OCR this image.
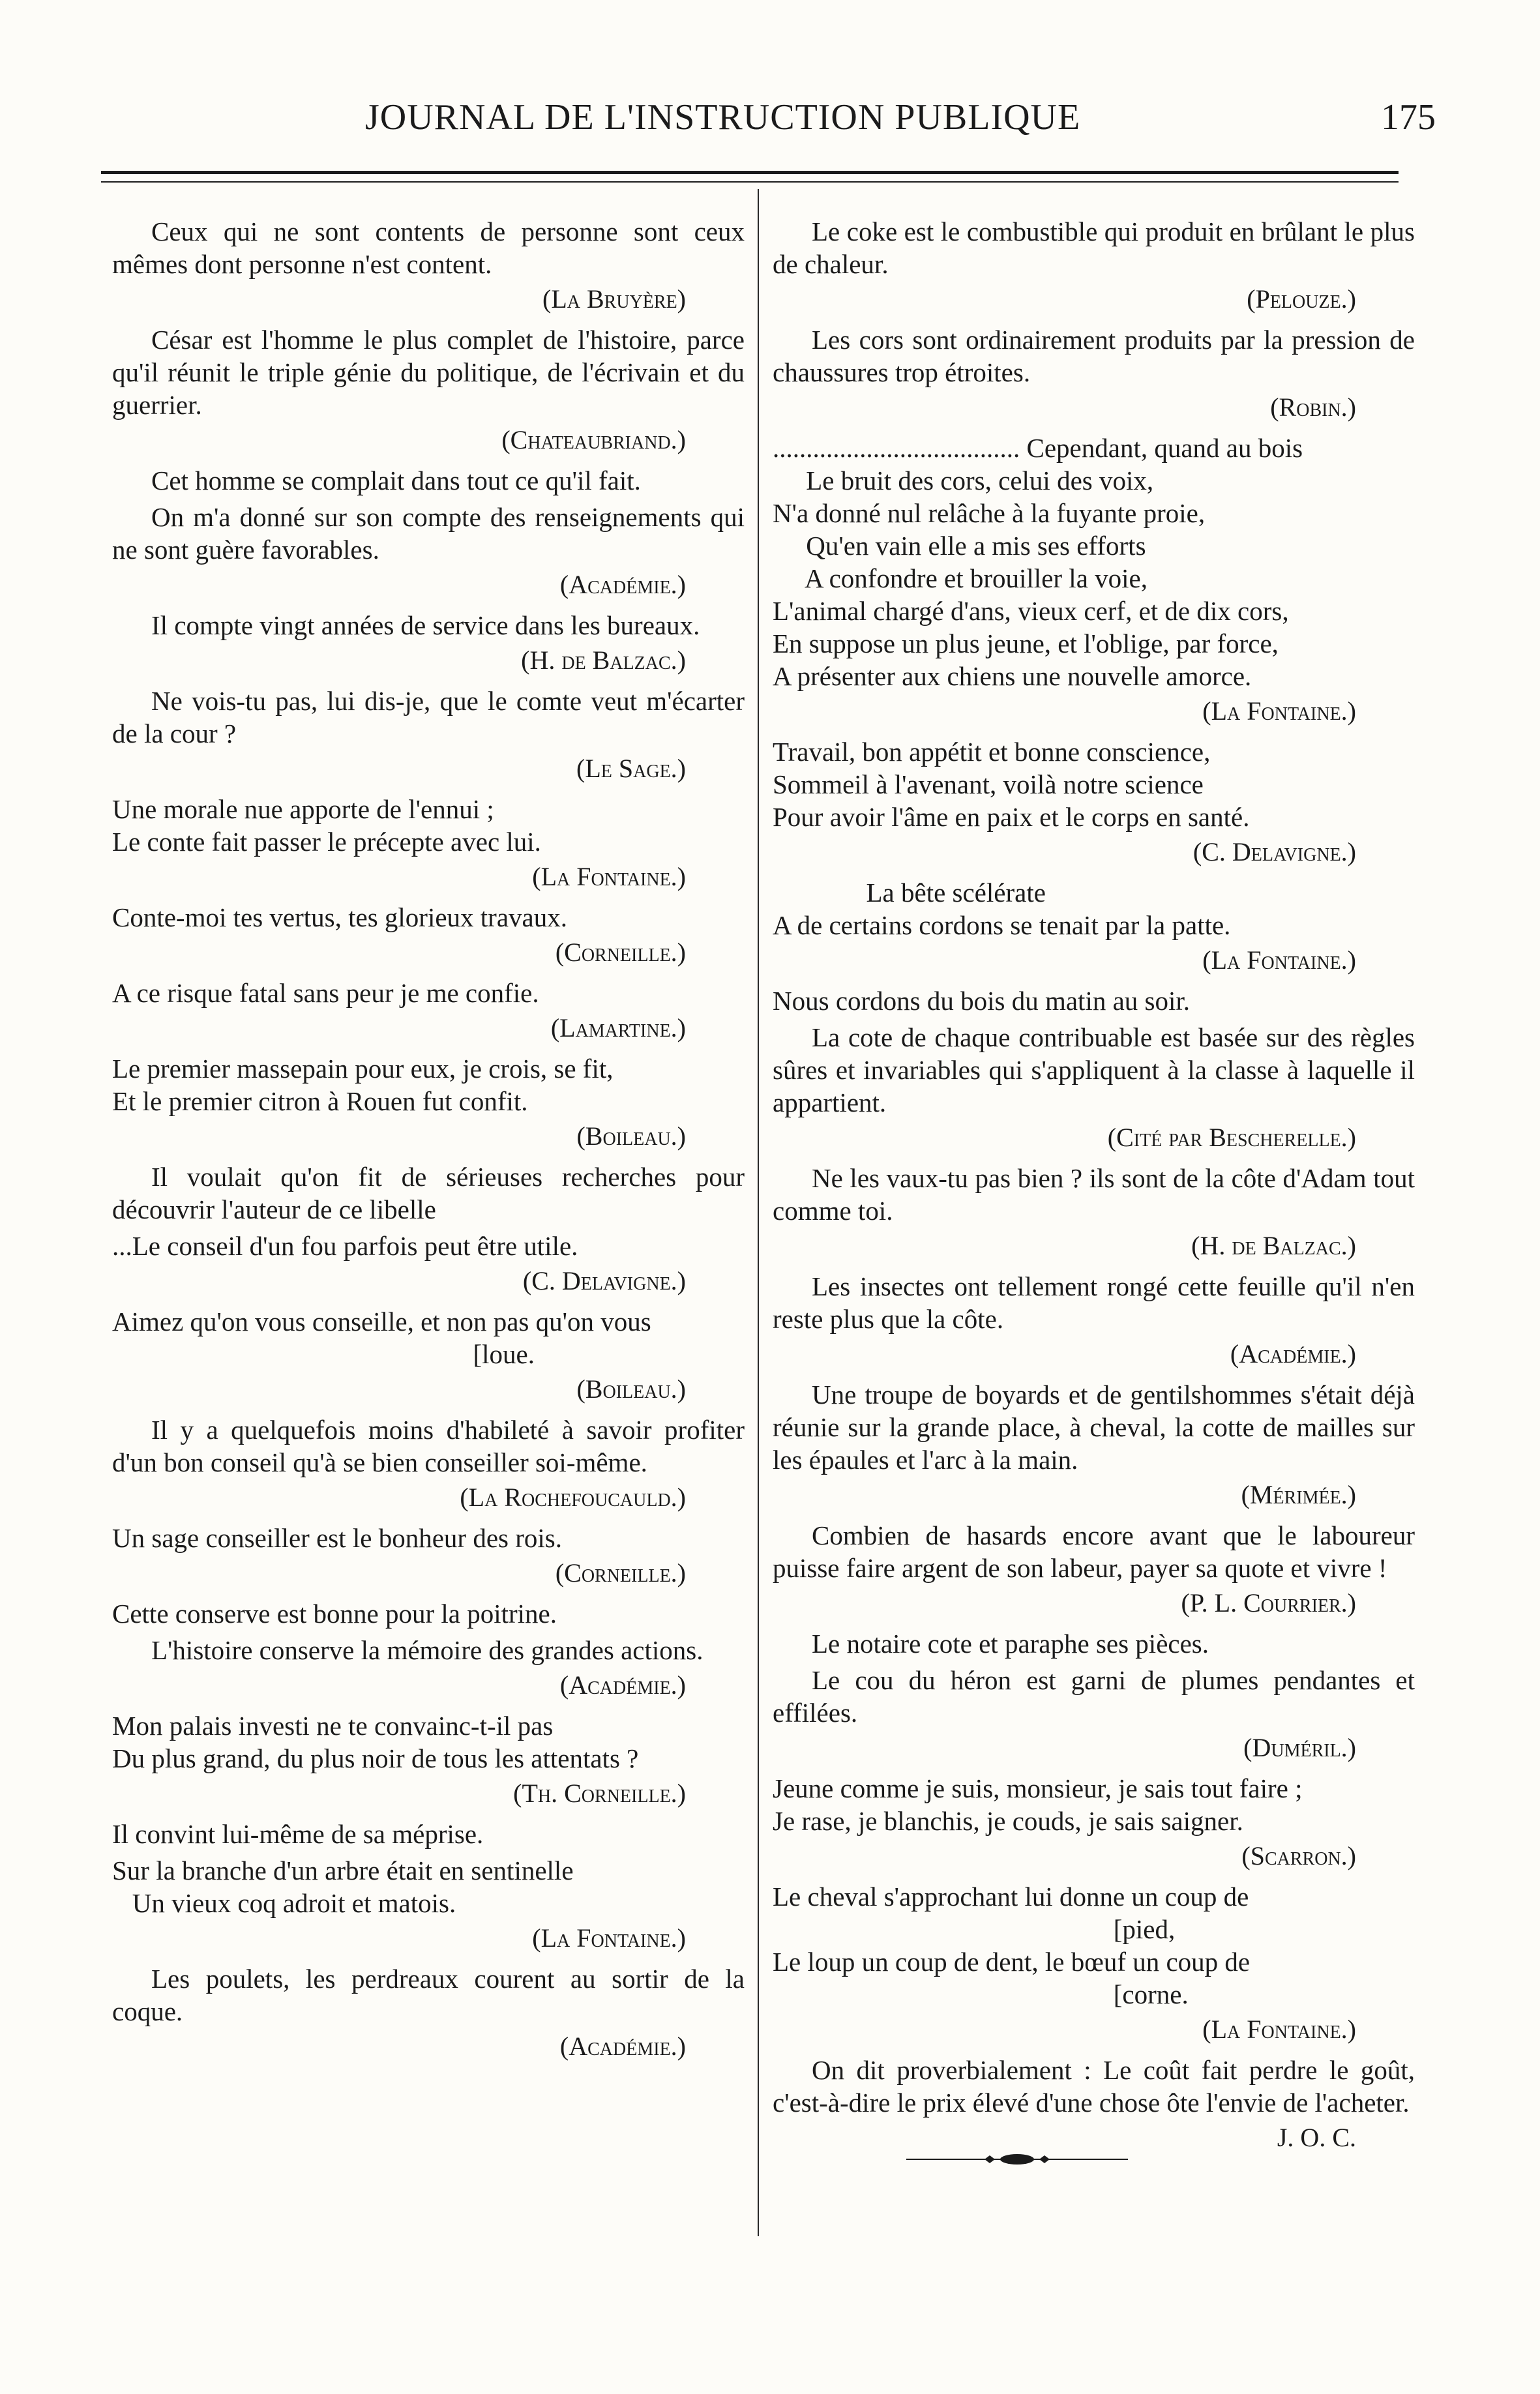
JOURNAL DE L'INSTRUCTION PUBLIQUE	175

Ceux qui ne sont contents de personne sont ceux mêmes dont personne n'est content.

(La Bruyère)

César est l'homme le plus complet de l'histoire, parce qu'il réunit le triple génie du politique, de l'écrivain et du guerrier.

(Chateaubriand.)

Cet homme se complait dans tout ce qu'il fait.

On m'a donné sur son compte des renseignements qui ne sont guère favorables.

(Académie.)

Il compte vingt années de service dans les bureaux.

(H. de Balzac.)

Ne vois-tu pas, lui dis-je, que le comte veut m'écarter de la cour ?

(Le Sage.)

Une morale nue apporte de l'ennui ;
Le conte fait passer le précepte avec lui.

(La Fontaine.)

Conte-moi tes vertus, tes glorieux travaux.

(Corneille.)

A ce risque fatal sans peur je me confie.

(Lamartine.)

Le premier massepain pour eux, je crois, se fit,
Et le premier citron à Rouen fut confit.

(Boileau.)

Il voulait qu'on fit de sérieuses recherches pour découvrir l'auteur de ce libelle

...Le conseil d'un fou parfois peut être utile.

(C. Delavigne.)

Aimez qu'on vous conseille, et non pas qu'on vous
[loue.

(Boileau.)

Il y a quelquefois moins d'habileté à savoir profiter d'un bon conseil qu'à se bien conseiller soi-même.

(La Rochefoucauld.)

Un sage conseiller est le bonheur des rois.

(Corneille.)

Cette conserve est bonne pour la poitrine.

L'histoire conserve la mémoire des grandes actions.

(Académie.)

Mon palais investi ne te convainc-t-il pas
Du plus grand, du plus noir de tous les attentats ?

(Th. Corneille.)

Il convint lui-même de sa méprise.

Sur la branche d'un arbre était en sentinelle
Un vieux coq adroit et matois.

(La Fontaine.)

Les poulets, les perdreaux courent au sortir de la coque.

(Académie.)

Le coke est le combustible qui produit en brûlant le plus de chaleur.

(Pelouze.)

Les cors sont ordinairement produits par la pression de chaussures trop étroites.

(Robin.)

..................................... Cependant, quand au bois
Le bruit des cors, celui des voix,
N'a donné nul relâche à la fuyante proie,
Qu'en vain elle a mis ses efforts
A confondre et brouiller la voie,
L'animal chargé d'ans, vieux cerf, et de dix cors,
En suppose un plus jeune, et l'oblige, par force,
A présenter aux chiens une nouvelle amorce.

(La Fontaine.)

Travail, bon appétit et bonne conscience,
Sommeil à l'avenant, voilà notre science
Pour avoir l'âme en paix et le corps en santé.

(C. Delavigne.)

La bête scélérate
A de certains cordons se tenait par la patte.

(La Fontaine.)

Nous cordons du bois du matin au soir.

La cote de chaque contribuable est basée sur des règles sûres et invariables qui s'appliquent à la classe à laquelle il appartient.

(Cité par Bescherelle.)

Ne les vaux-tu pas bien ? ils sont de la côte d'Adam tout comme toi.

(H. de Balzac.)

Les insectes ont tellement rongé cette feuille qu'il n'en reste plus que la côte.

(Académie.)

Une troupe de boyards et de gentilshommes s'était déjà réunie sur la grande place, à cheval, la cotte de mailles sur les épaules et l'arc à la main.

(Mérimée.)

Combien de hasards encore avant que le laboureur puisse faire argent de son labeur, payer sa quote et vivre !

(P. L. Courrier.)

Le notaire cote et paraphe ses pièces.

Le cou du héron est garni de plumes pendantes et effilées.

(Duméril.)

Jeune comme je suis, monsieur, je sais tout faire ;
Je rase, je blanchis, je couds, je sais saigner.

(Scarron.)

Le cheval s'approchant lui donne un coup de
[pied,
Le loup un coup de dent, le bœuf un coup de
[corne.

(La Fontaine.)

On dit proverbialement : Le coût fait perdre le goût, c'est-à-dire le prix élevé d'une chose ôte l'envie de l'acheter.

J. O. C.
